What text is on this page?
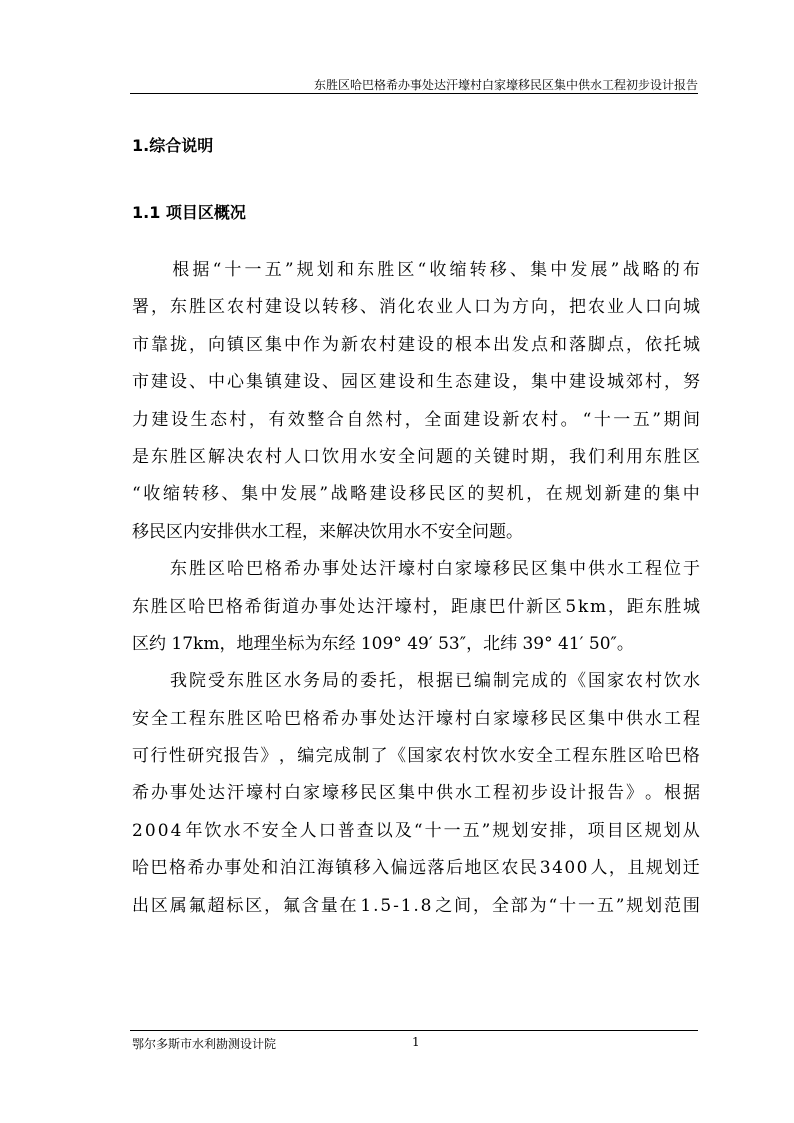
东胜区哈巴格希办事处达汗壕村白家壕移民区集中供水工程初步设计报告
1.综合说明
1.1 项目区概况

根 据 “ 十 一 五 ” 规 划 和 东 胜 区 “ 收 缩 转 移 、 集 中 发 展 ” 战 略 的 布
署 ， 东 胜 区 农 村 建 设 以 转 移 、 消 化 农 业 人 口 为 方 向 ， 把 农 业 人 口 向 城
市 靠 拢 ， 向 镇 区 集 中 作 为 新 农 村 建 设 的 根 本 出 发 点 和 落 脚 点 ， 依 托 城
市 建 设 、 中 心 集 镇 建 设 、 园 区 建 设 和 生 态 建 设 ， 集 中 建 设 城 郊 村 ， 努
力 建 设 生 态 村 ， 有 效 整 合 自 然 村 ， 全 面 建 设 新 农 村 。 “ 十 一 五 ” 期 间
是 东 胜 区 解 决 农 村 人 口 饮 用 水 安 全 问 题 的 关 键 时 期 ， 我 们 利 用 东 胜 区
“ 收 缩 转 移 、 集 中 发 展 ” 战 略 建 设 移 民 区 的 契 机 ， 在 规 划 新 建 的 集 中
移民区内安排供水工程，来解决饮用水不安全问题。

东 胜 区 哈 巴 格 希 办 事 处 达 汗 壕 村 白 家 壕 移 民 区 集 中 供 水 工 程 位 于
东 胜 区 哈 巴 格 希 街 道 办 事 处 达 汗 壕 村 ， 距 康 巴 什 新 区 5 k m ， 距 东 胜 城
区约 17km，地理坐标为东经 109° 49′ 53″，北纬 39° 41′ 50″。

我 院 受 东 胜 区 水 务 局 的 委 托 ， 根 据 已 编 制 完 成 的 《 国 家 农 村 饮 水
安 全 工 程 东 胜 区 哈 巴 格 希 办 事 处 达 汗 壕 村 白 家 壕 移 民 区 集 中 供 水 工 程
可 行 性 研 究 报 告 》 ， 编 完 成 制 了 《 国 家 农 村 饮 水 安 全 工 程 东 胜 区 哈 巴 格
希 办 事 处 达 汗 壕 村 白 家 壕 移 民 区 集 中 供 水 工 程 初 步 设 计 报 告 》 。 根 据
2 0 0 4 年 饮 水 不 安 全 人 口 普 查 以 及 “ 十 一 五 ” 规 划 安 排 ， 项 目 区 规 划 从
哈 巴 格 希 办 事 处 和 泊 江 海 镇 移 入 偏 远 落 后 地 区 农 民 3 4 0 0 人 ， 且 规 划 迁
出 区 属 氟 超 标 区 ， 氟 含 量 在 1 . 5 - 1 . 8 之 间 ， 全 部 为 “ 十 一 五 ” 规 划 范 围
鄂尔多斯市水利勘测设计院	1
